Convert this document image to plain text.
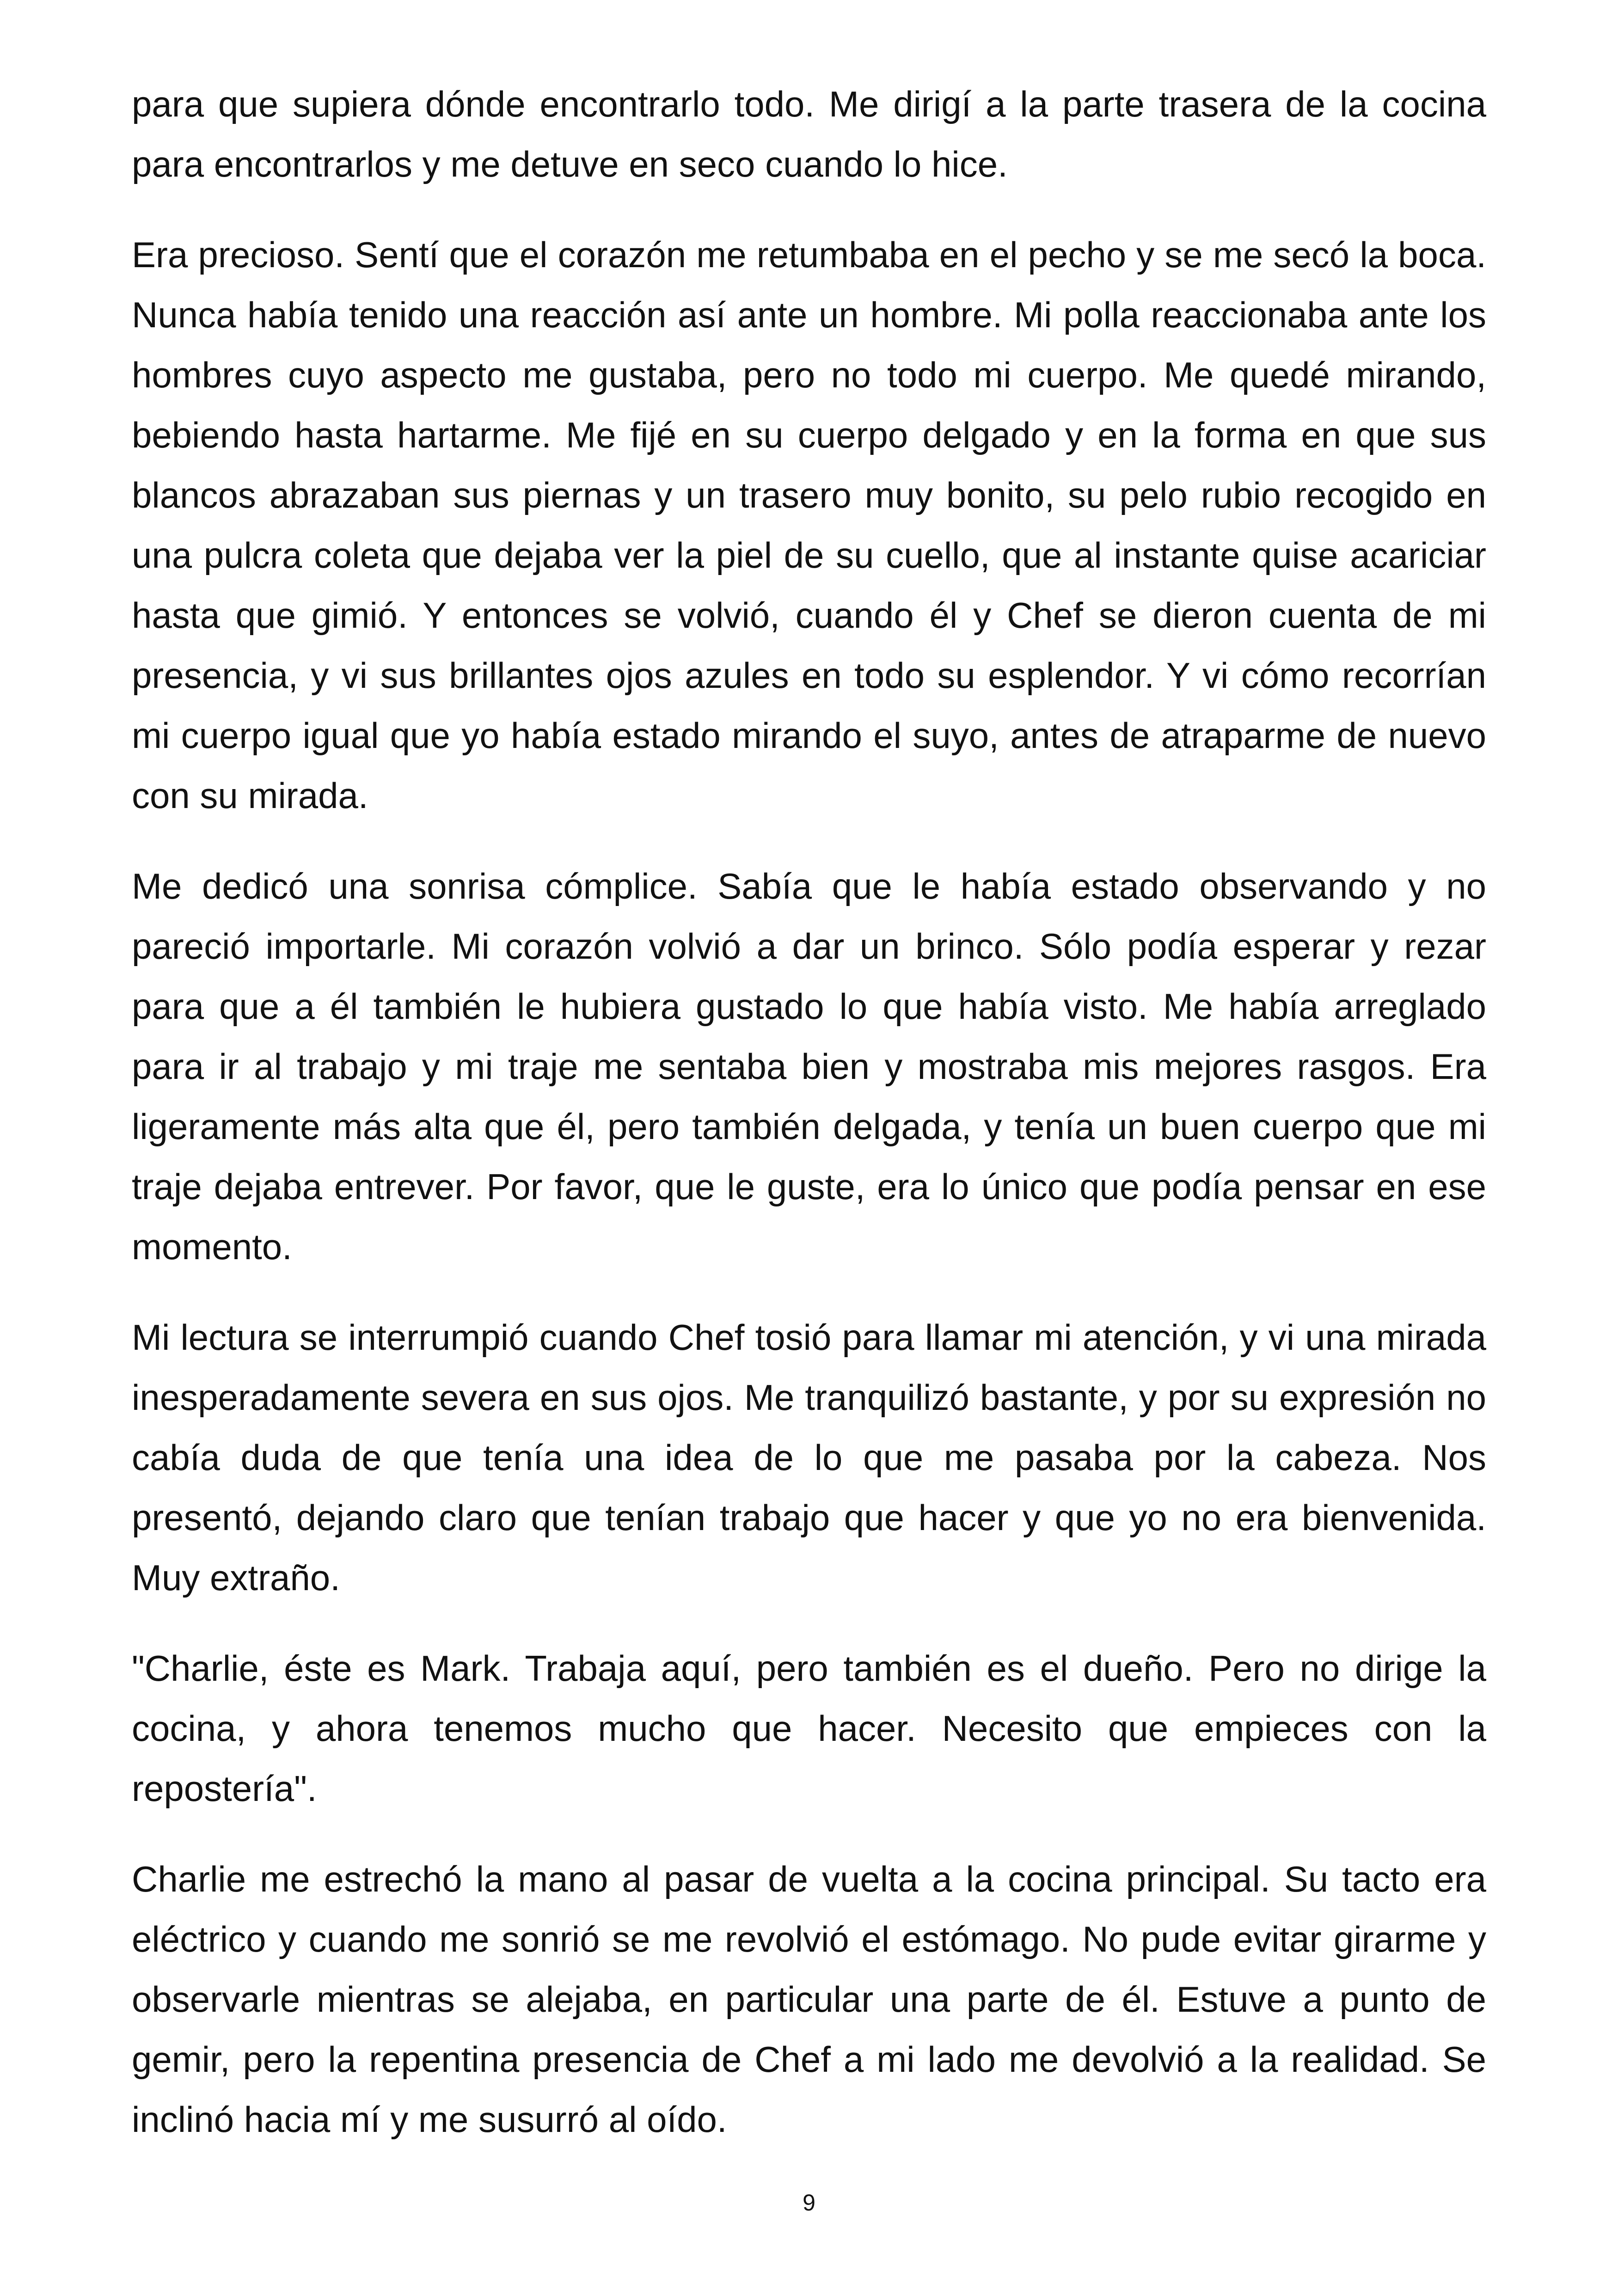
para que supiera dónde encontrarlo todo. Me dirigí a la parte trasera de la cocina para encontrarlos y me detuve en seco cuando lo hice.

Era precioso. Sentí que el corazón me retumbaba en el pecho y se me secó la boca. Nunca había tenido una reacción así ante un hombre. Mi polla reaccionaba ante los hombres cuyo aspecto me gustaba, pero no todo mi cuerpo. Me quedé mirando, bebiendo hasta hartarme. Me fijé en su cuerpo delgado y en la forma en que sus blancos abrazaban sus piernas y un trasero muy bonito, su pelo rubio recogido en una pulcra coleta que dejaba ver la piel de su cuello, que al instante quise acariciar hasta que gimió. Y entonces se volvió, cuando él y Chef se dieron cuenta de mi presencia, y vi sus brillantes ojos azules en todo su esplendor. Y vi cómo recorrían mi cuerpo igual que yo había estado mirando el suyo, antes de atraparme de nuevo con su mirada.

Me dedicó una sonrisa cómplice. Sabía que le había estado observando y no pareció importarle. Mi corazón volvió a dar un brinco. Sólo podía esperar y rezar para que a él también le hubiera gustado lo que había visto. Me había arreglado para ir al trabajo y mi traje me sentaba bien y mostraba mis mejores rasgos. Era ligeramente más alta que él, pero también delgada, y tenía un buen cuerpo que mi traje dejaba entrever. Por favor, que le guste, era lo único que podía pensar en ese momento.

Mi lectura se interrumpió cuando Chef tosió para llamar mi atención, y vi una mirada inesperadamente severa en sus ojos. Me tranquilizó bastante, y por su expresión no cabía duda de que tenía una idea de lo que me pasaba por la cabeza. Nos presentó, dejando claro que tenían trabajo que hacer y que yo no era bienvenida. Muy extraño.

"Charlie, éste es Mark. Trabaja aquí, pero también es el dueño. Pero no dirige la cocina, y ahora tenemos mucho que hacer. Necesito que empieces con la repostería".

Charlie me estrechó la mano al pasar de vuelta a la cocina principal. Su tacto era eléctrico y cuando me sonrió se me revolvió el estómago. No pude evitar girarme y observarle mientras se alejaba, en particular una parte de él. Estuve a punto de gemir, pero la repentina presencia de Chef a mi lado me devolvió a la realidad. Se inclinó hacia mí y me susurró al oído.

9
